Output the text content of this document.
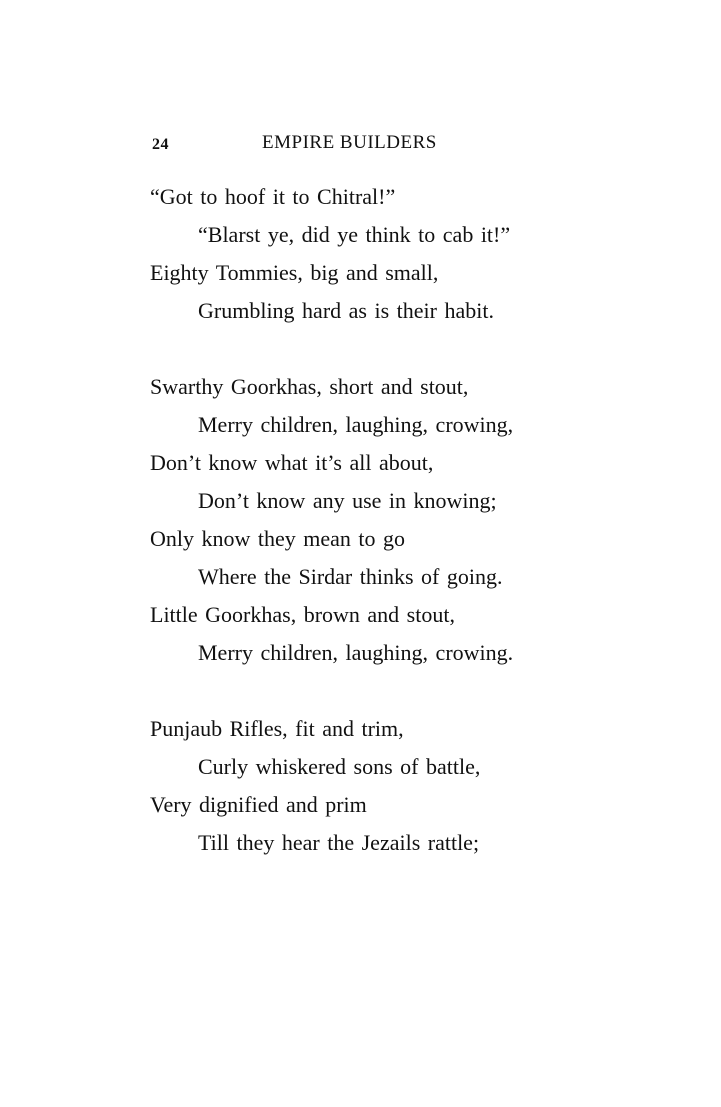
24	EMPIRE BUILDERS
“Got to hoof it to Chitral!”
“Blarst ye, did ye think to cab it!”
Eighty Tommies, big and small,
Grumbling hard as is their habit.
Swarthy Goorkhas, short and stout,
Merry children, laughing, crowing,
Don’t know what it’s all about,
Don’t know any use in knowing;
Only know they mean to go
Where the Sirdar thinks of going.
Little Goorkhas, brown and stout,
Merry children, laughing, crowing.
Punjaub Rifles, fit and trim,
Curly whiskered sons of battle,
Very dignified and prim
Till they hear the Jezails rattle;
